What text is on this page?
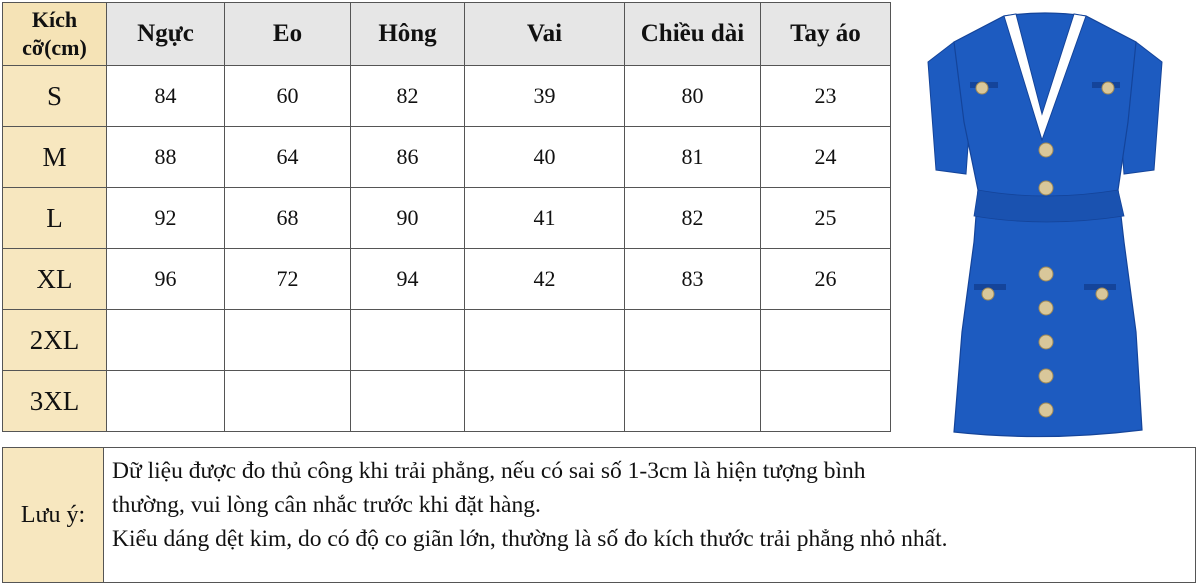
Kích
cỡ(cm)	Ngực	Eo	Hông	Vai	Chiều dài	Tay áo
S	84	60	82	39	80	23
M	88	64	86	40	81	24
L	92	68	90	41	82	25
XL	96	72	94	42	83	26
2XL						
3XL						
Lưu ý:

Dữ liệu được đo thủ công khi trải phẳng, nếu có sai số 1-3cm là hiện tượng bình

thường, vui lòng cân nhắc trước khi đặt hàng.

Kiểu dáng dệt kim, do có độ co giãn lớn, thường là số đo kích thước trải phẳng nhỏ nhất.
